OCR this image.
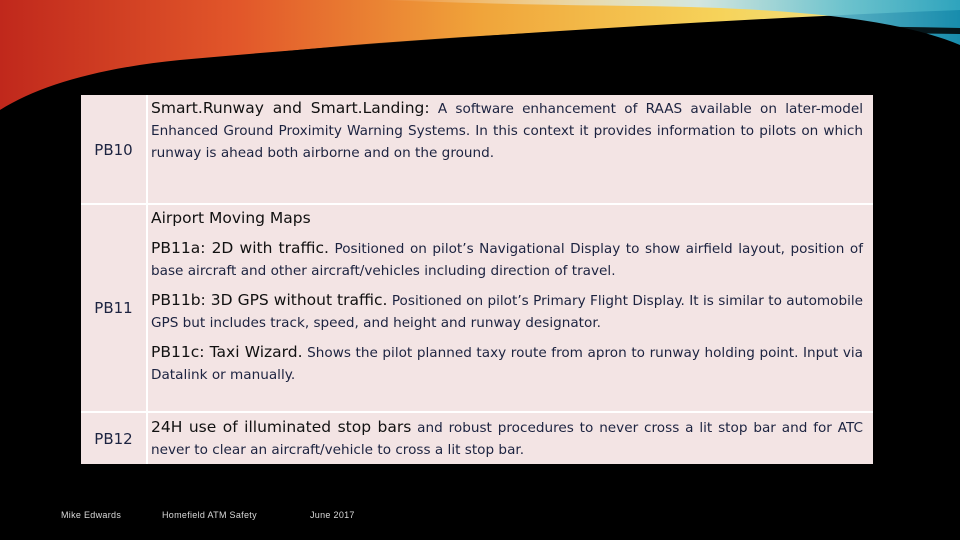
PB10

Smart.Runway and Smart.Landing: A software enhancement of RAAS available on later-model Enhanced Ground Proximity Warning Systems. In this context it provides information to pilots on which runway is ahead both airborne and on the ground.

PB11

Airport Moving Maps

PB11a: 2D with traffic. Positioned on pilot’s Navigational Display to show airfield layout, position of base aircraft and other aircraft/vehicles including direction of travel.

PB11b: 3D GPS without traffic. Positioned on pilot’s Primary Flight Display. It is similar to automobile GPS but includes track, speed, and height and runway designator.

PB11c: Taxi Wizard. Shows the pilot planned taxy route from apron to runway holding point. Input via Datalink or manually.

PB12

24H use of illuminated stop bars and robust procedures to never cross a lit stop bar and for ATC never to clear an aircraft/vehicle to cross a lit stop bar.

Mike Edwards	Homefield ATM Safety	June 2017
